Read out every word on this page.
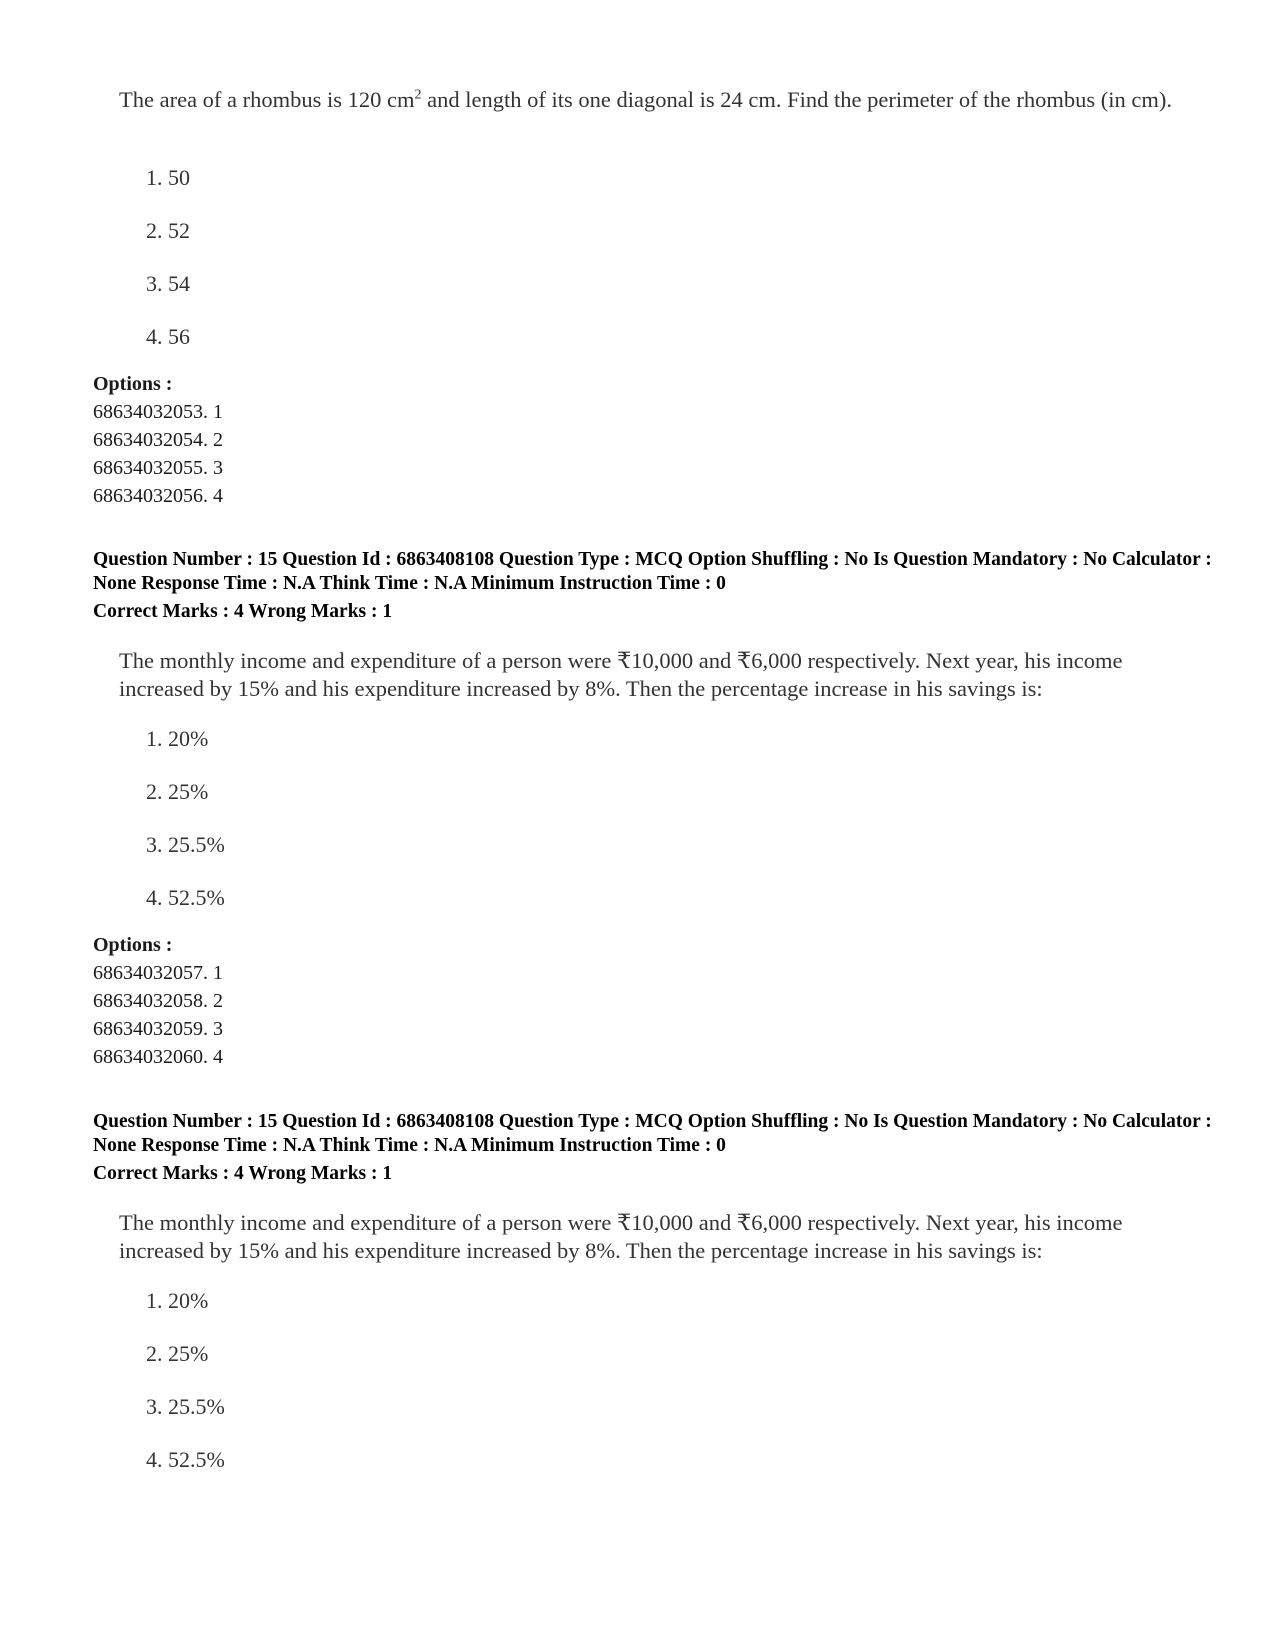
The area of a rhombus is 120 $cm^2$ and length of its one diagonal is 24 cm. Find the perimeter of the rhombus (in cm).
1. 50
2. 52
3. 54
4. 56
Options :
68634032053. 1
68634032054. 2
68634032055. 3
68634032056. 4
Question Number : 15 Question Id : 6863408108 Question Type : MCQ Option Shuffling : No Is Question Mandatory : No Calculator : None Response Time : N.A Think Time : N.A Minimum Instruction Time : 0
Correct Marks : 4 Wrong Marks : 1
The monthly income and expenditure of a person were ₹10,000 and ₹6,000 respectively. Next year, his income increased by 15% and his expenditure increased by 8%. Then the percentage increase in his savings is:
1. 20%
2. 25%
3. 25.5%
4. 52.5%
Options :
68634032057. 1
68634032058. 2
68634032059. 3
68634032060. 4
Question Number : 15 Question Id : 6863408108 Question Type : MCQ Option Shuffling : No Is Question Mandatory : No Calculator : None Response Time : N.A Think Time : N.A Minimum Instruction Time : 0
Correct Marks : 4 Wrong Marks : 1
The monthly income and expenditure of a person were ₹10,000 and ₹6,000 respectively. Next year, his income increased by 15% and his expenditure increased by 8%. Then the percentage increase in his savings is:
1. 20%
2. 25%
3. 25.5%
4. 52.5%
